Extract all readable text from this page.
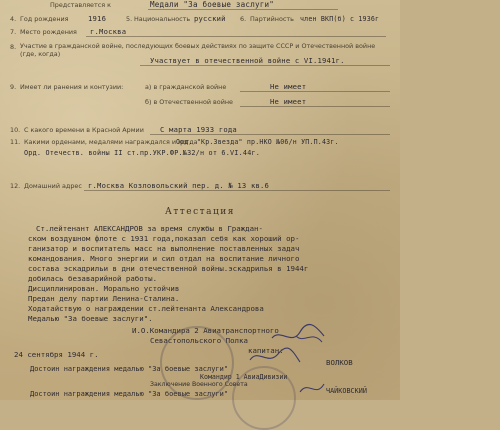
Представляется к	Медали "За боевые заслуги"
4. Год рождения	1916	5. Национальность русский 6. Партийность член ВКП(б) с 1936г
7. Место рождения г.Москва
8. Участие в гражданской войне, последующих боевых действиях по защите СССР и Отечественной войне (где, когда)
Участвует в отечественной войне с VI.1941г.
9. Имеет ли ранения и контузии:	а) в гражданской войне	Не имеет
б) в Отечественной войне	Не имеет
10. С какого времени в Красной Армии С марта 1933 года
11. Какими орденами, медалями награждался и когда
Орд. "Кр.Звезда" пр.НКО №06/н УП.П.43г.
Орд. Отечеств. войны II ст.пр.УКР.ФР.№32/н от 6.VI.44г.
12. Домашний адрес г.Москва Козловольский пер. д. № 13 кв.6
Аттестация
Ст.лейтенант АЛЕКСАНДРОВ за время службы в Граждан-
ском воздушном флоте с 1931 года,показал себя как хороший ор-
ганизатор и воспитатель масс на выполнение поставленных задач
командования. Много энергии и сил отдал на воспитание личного
состава эскадрильи в дни отечественной войны.эскадрилья в 1944г
добилась безаварийной работы.
Дисциплинирован. Морально устойчив
Предан делу партии Ленина-Сталина.
Ходатайствую о награждении ст.лейтенанта Александрова
Медалью "За боевые заслуги".
И.О.Командира 2 Авиатранспортного
Севастопольского Полка
капитан:
24 сентября 1944 г.
ВОЛКОВ
Достоин награждения медалью "За боевые заслуги"
Командир 1 АвиаДивизии
Заключение Военного Совета
Достоин награждения медалью "За боевые заслуги"	ЧАЙКОВСКИЙ
